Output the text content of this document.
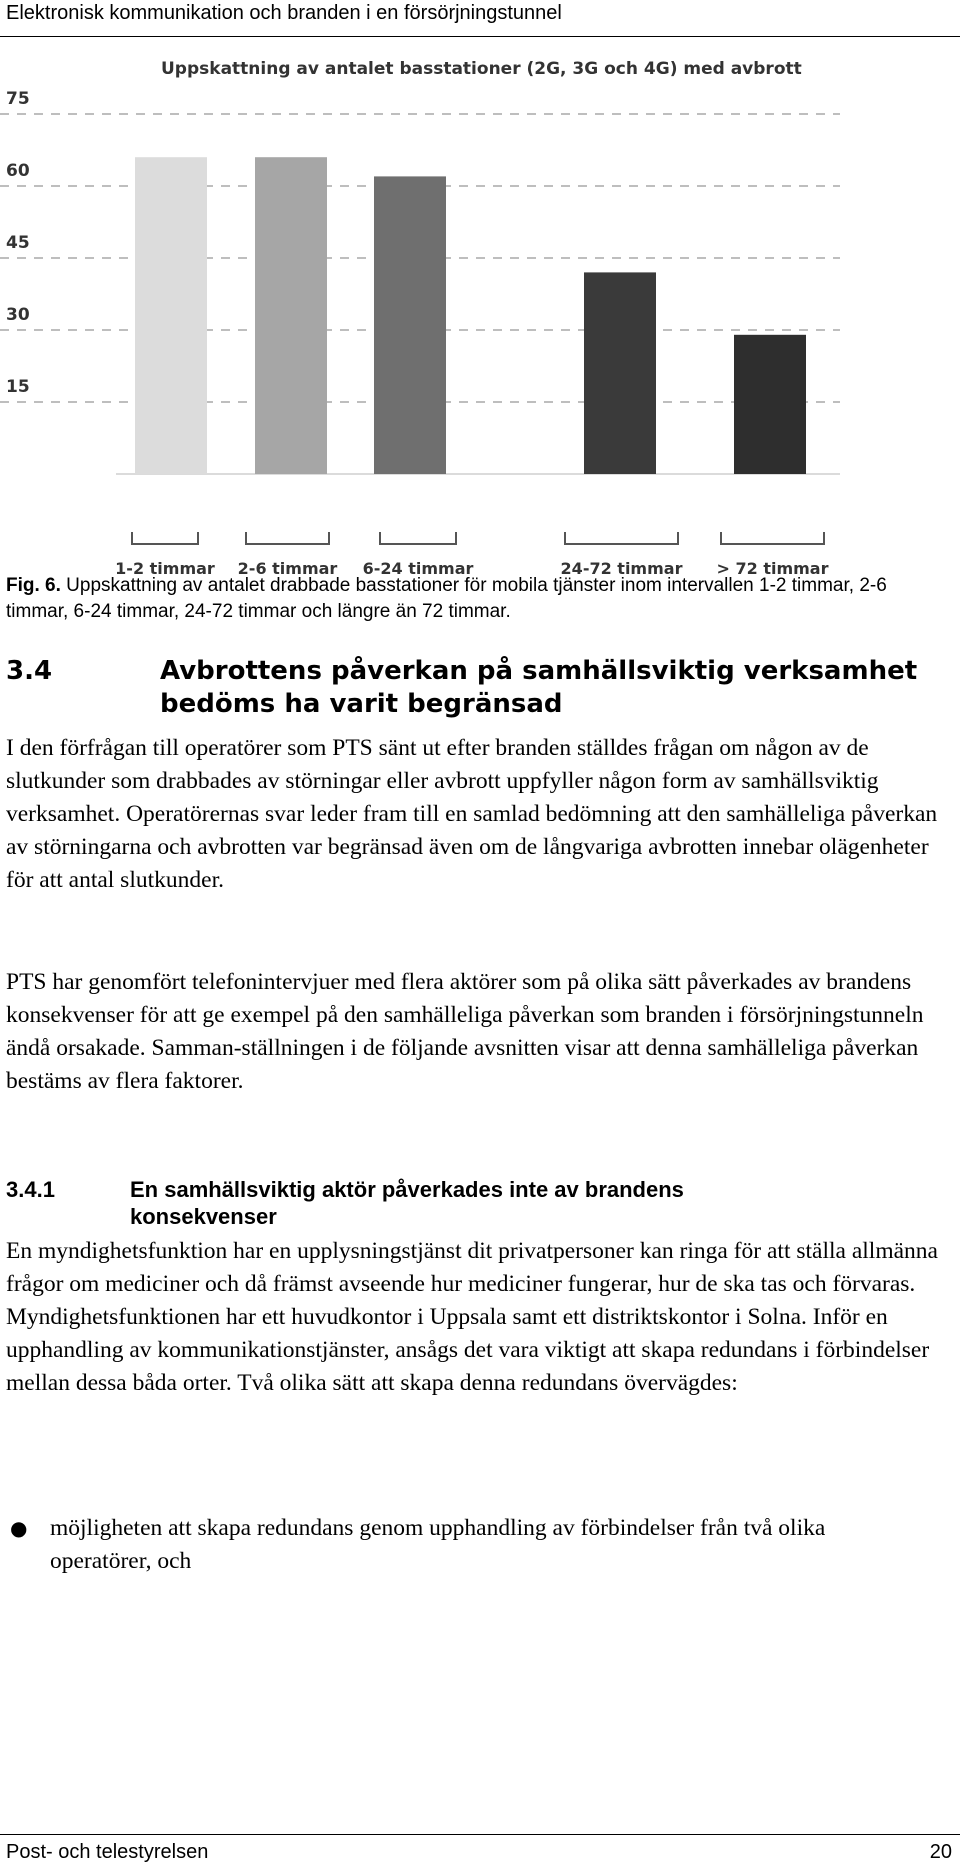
Elektronisk kommunikation och branden i en försörjningstunnel
Uppskattning av antalet basstationer (2G, 3G och 4G) med avbrott
15
30
45
60
75
1-2 timmar 2-6 timmar 6-24 timmar	24-72 timmar > 72 timmar
Fig. 6. Uppskattning av antalet drabbade basstationer för mobila tjänster inom intervallen 1-2 timmar, 2-6 timmar, 6-24 timmar, 24-72 timmar och längre än 72 timmar.
3.4	Avbrottens påverkan på samhällsviktig verksamhet bedöms ha varit begränsad
I den förfrågan till operatörer som PTS sänt ut efter branden ställdes frågan om någon av de slutkunder som drabbades av störningar eller avbrott uppfyller någon form av samhällsviktig verksamhet. Operatörernas svar leder fram till en samlad bedömning att den samhälleliga påverkan av störningarna och avbrotten var begränsad även om de långvariga avbrotten innebar olägenheter för att antal slutkunder.
PTS har genomfört telefonintervjuer med flera aktörer som på olika sätt påverkades av brandens konsekvenser för att ge exempel på den samhälleliga påverkan som branden i försörjningstunneln ändå orsakade. Samman-ställningen i de följande avsnitten visar att denna samhälleliga påverkan bestäms av flera faktorer.
3.4.1	En samhällsviktig aktör påverkades inte av brandens konsekvenser
En myndighetsfunktion har en upplysningstjänst dit privatpersoner kan ringa för att ställa allmänna frågor om mediciner och då främst avseende hur mediciner fungerar, hur de ska tas och förvaras. Myndighetsfunktionen har ett huvudkontor i Uppsala samt ett distriktskontor i Solna. Inför en upphandling av kommunikationstjänster, ansågs det vara viktigt att skapa redundans i förbindelser mellan dessa båda orter. Två olika sätt att skapa denna redundans övervägdes:
● möjligheten att skapa redundans genom upphandling av förbindelser från två olika operatörer, och
Post- och telestyrelsen	20
